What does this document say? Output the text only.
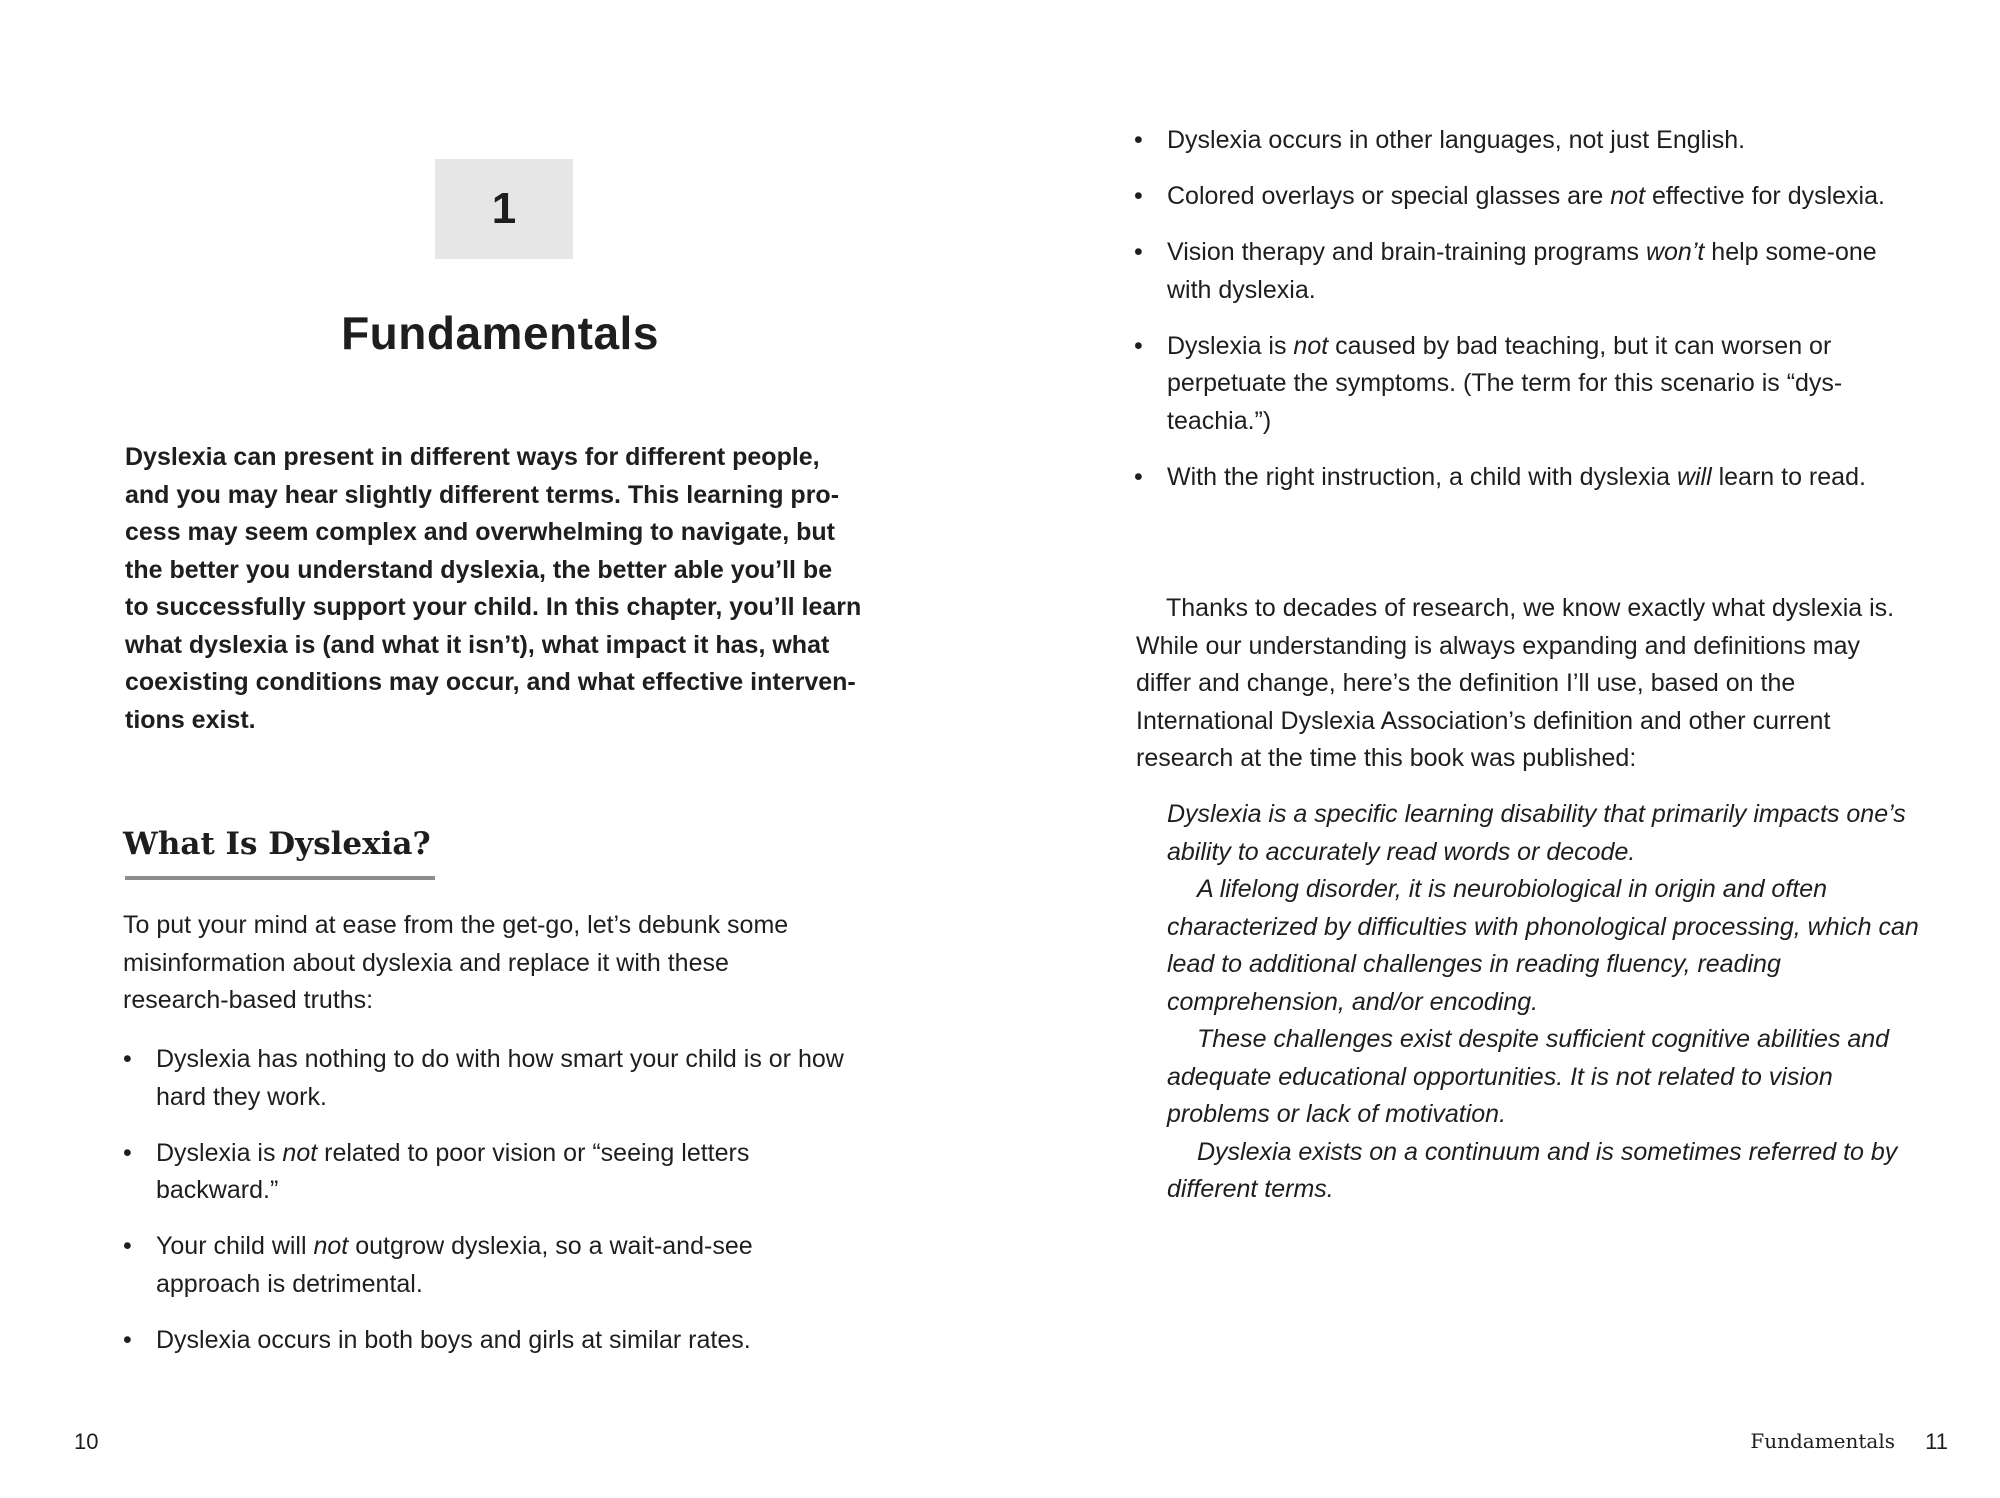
1
Fundamentals

Dyslexia can present in different ways for different people,
and you may hear slightly different terms. This learning pro-
cess may seem complex and overwhelming to navigate, but
the better you understand dyslexia, the better able you’ll be
to successfully support your child. In this chapter, you’ll learn
what dyslexia is (and what it isn’t), what impact it has, what
coexisting conditions may occur, and what effective interven-
tions exist.

What Is Dyslexia?

To put your mind at ease from the get-go, let’s debunk some
misinformation about dyslexia and replace it with these
research-based truths:

• Dyslexia has nothing to do with how smart your child is or how hard they work.
• Dyslexia is not related to poor vision or “seeing letters backward.”
• Your child will not outgrow dyslexia, so a wait-and-see approach is detrimental.
• Dyslexia occurs in both boys and girls at similar rates.
10
• Dyslexia occurs in other languages, not just English.
• Colored overlays or special glasses are not effective for dyslexia.
• Vision therapy and brain-training programs won’t help some-one with dyslexia.
• Dyslexia is not caused by bad teaching, but it can worsen or perpetuate the symptoms. (The term for this scenario is “dys-teachia.”)
• With the right instruction, a child with dyslexia will learn to read.

Thanks to decades of research, we know exactly what dyslexia is. While our understanding is always expanding and definitions may differ and change, here’s the definition I’ll use, based on the International Dyslexia Association’s definition and other current research at the time this book was published:

Dyslexia is a specific learning disability that primarily impacts one’s ability to accurately read words or decode.

A lifelong disorder, it is neurobiological in origin and often characterized by difficulties with phonological processing, which can lead to additional challenges in reading fluency, reading comprehension, and/or encoding.

These challenges exist despite sufficient cognitive abilities and adequate educational opportunities. It is not related to vision problems or lack of motivation.

Dyslexia exists on a continuum and is sometimes referred to by different terms.

Fundamentals 11
